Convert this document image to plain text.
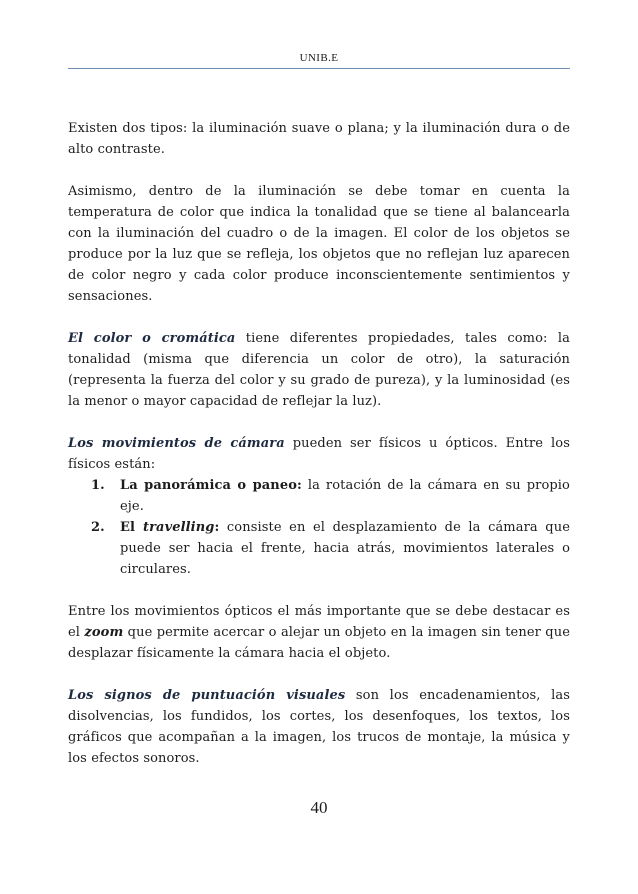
UNIB.E

Existen dos tipos: la iluminación suave o plana; y la iluminación dura o de alto contraste.

Asimismo, dentro de la iluminación se debe tomar en cuenta la temperatura de color que indica la tonalidad que se tiene al balancearla con la iluminación del cuadro o de la imagen. El color de los objetos se produce por la luz que se refleja, los objetos que no reflejan luz aparecen de color negro y cada color produce inconscientemente sentimientos y sensaciones.

El color o cromática tiene diferentes propiedades, tales como: la tonalidad (misma que diferencia un color de otro), la saturación (representa la fuerza del color y su grado de pureza), y la luminosidad (es la menor o mayor capacidad de reflejar la luz).

Los movimientos de cámara pueden ser físicos u ópticos. Entre los físicos están:

1.	La panorámica o paneo: la rotación de la cámara en su propio eje.
2.	El travelling: consiste en el desplazamiento de la cámara que puede ser hacia el frente, hacia atrás, movimientos laterales o circulares.

Entre los movimientos ópticos el más importante que se debe destacar es el zoom que permite acercar o alejar un objeto en la imagen sin tener que desplazar físicamente la cámara hacia el objeto.

Los signos de puntuación visuales son los encadenamientos, las disolvencias, los fundidos, los cortes, los desenfoques, los textos, los gráficos que acompañan a la imagen, los trucos de montaje, la música y los efectos sonoros.

40
